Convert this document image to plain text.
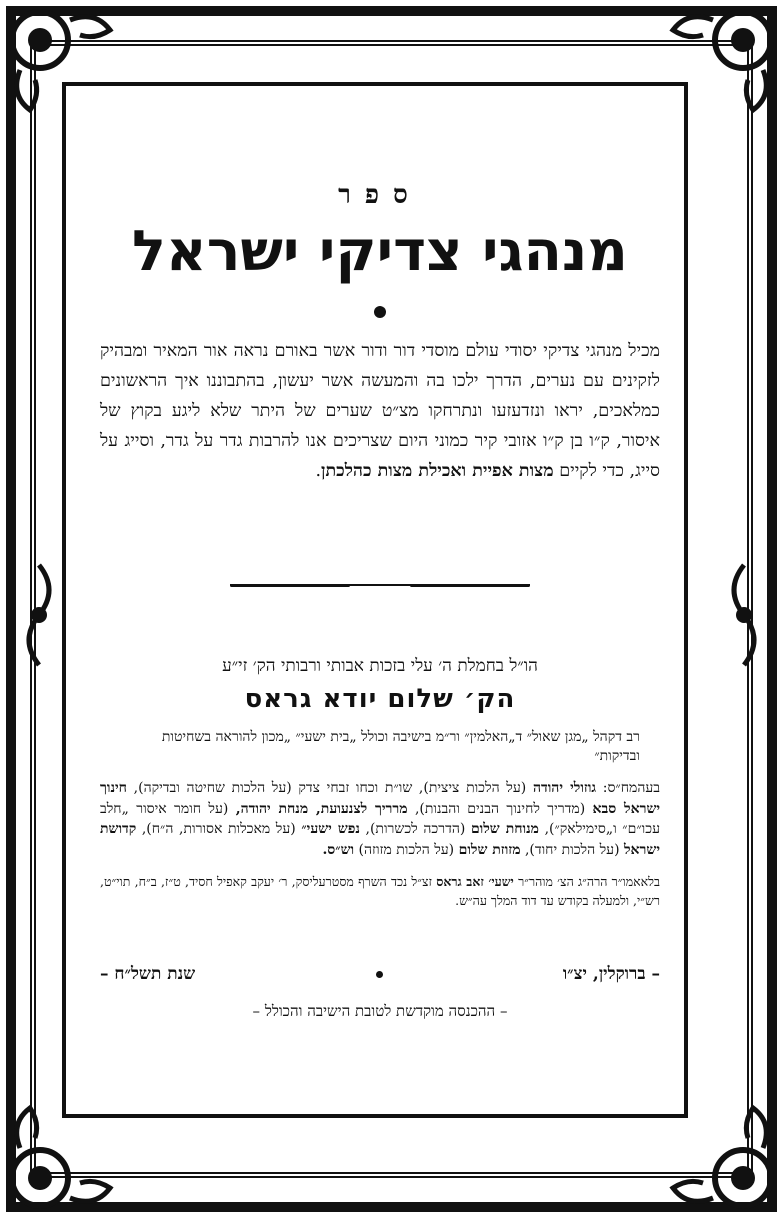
ספר

מנהגי צדיקי ישראל

מכיל מנהגי צדיקי יסודי עולם מוסדי דור ודור אשר באורם נראה אור המאיר ומבהיק לזקינים עם נערים, הדרך ילכו בה והמעשה אשר יעשון, בהתבוננו איך הראשונים כמלאכים, יראו ונזדעזעו ונתרחקו מצ״ט שערים של היתר שלא ליגע בקוץ של איסור, ק״ו בן ק״ו אזובי קיר כמוני היום שצריכים אנו להרבות גדר על גדר, וסייג על סייג, כדי לקיים מצות אפיית ואכילת מצות כהלכתן.

הו״ל בחמלת ה׳ עלי בזכות אבותי ורבותי הק׳ זי״ע

הק׳ שלום יודא גראס

רב דקהל „מגן שאול״ ד„האלמין״ ור״מ בישיבה וכולל „בית ישעי״ „מכון להוראה בשחיטות ובדיקות״

בעהמח״ס: גוזולי יהודה (על הלכות ציצית), שו״ת וכחו זבחי צדק (על הלכות שחיטה ובדיקה), חינוך ישראל סבא (מדריך לחינוך הבנים והבנות), מרריך לצנעועת, מנחת יהודה, (על חומר איסור „חלב עכו״ם״ ו„סימילאק״), מנוחת שלום (הדרכה לכשרות), נפש ישעי״ (על מאכלות אסורות, ה״ח), קדושת ישראל (על הלכות יחוד), מזוזת שלום (על הלכות מזוזה) וש״ס.

בלאאמו״ר הרה״ג הצ׳ מוהר״ר ישעי׳ זאב גראס זצ״ל נכד השרף מסטרעליסק, ר׳ יעקב קאפיל חסיד, ט״ז, ב״ח, תוי״ט, רש״י, ולמעלה בקודש עד דוד המלך עה״ש.

– ברוקלין, יצ״ו
שנת תשל״ח –

– ההכנסה מוקדשת לטובת הישיבה והכולל –
